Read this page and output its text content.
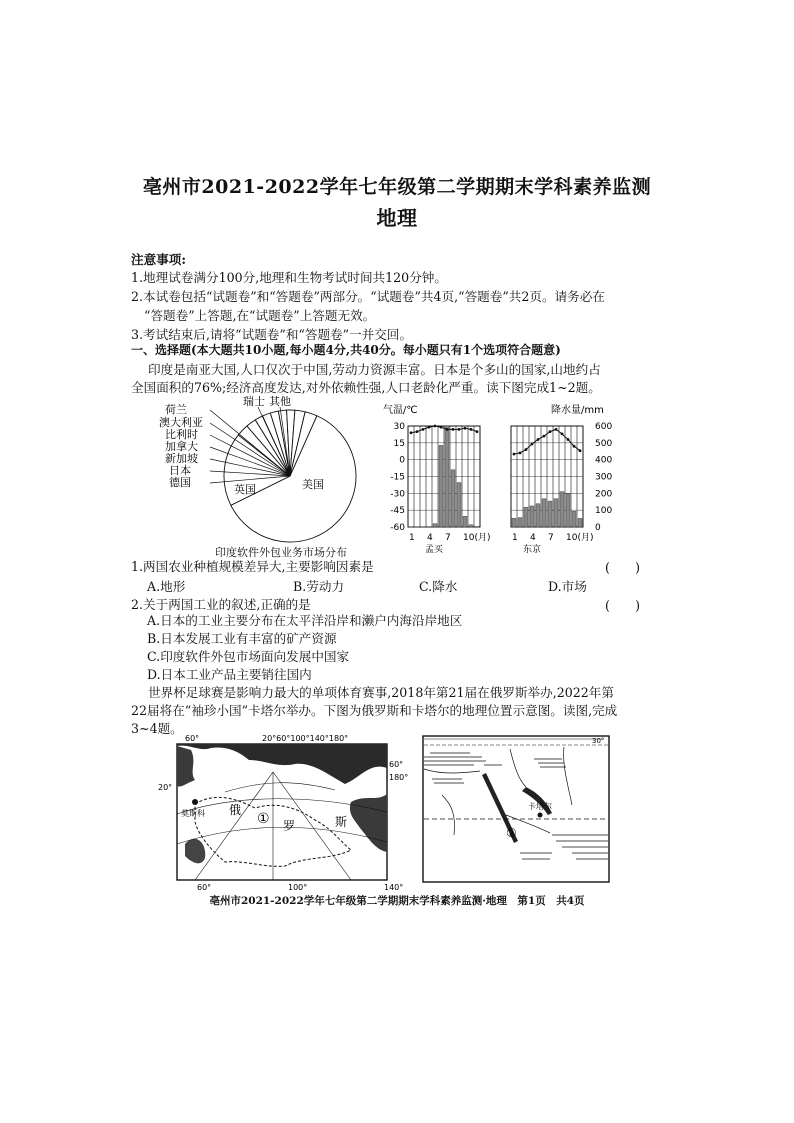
亳州市2021-2022学年七年级第二学期期末学科素养监测
地理
注意事项:
1.地理试卷满分100分,地理和生物考试时间共120分钟。
2.本试卷包括“试题卷”和“答题卷”两部分。“试题卷”共4页,“答题卷”共2页。请务必在
“答题卷”上答题,在“试题卷”上答题无效。
3.考试结束后,请将“试题卷”和“答题卷”一并交回。
一、选择题(本大题共10小题,每小题4分,共40分。每小题只有1个选项符合题意)
印度是南亚大国,人口仅次于中国,劳动力资源丰富。日本是个多山的国家,山地约占
全国面积的76%;经济高度发达,对外依赖性强,人口老龄化严重。读下图完成1~2题。
荷兰
澳大利亚
比利时
加拿大
新加坡
日本
德国
瑞士 其他
英国	美国
印度软件外包业务市场分布
气温/℃	降水量/mm
30
15
0
-15
-30
-45
-60
600
500
400
300
200
100
0
1 4 7 10(月) 1 4 7 10(月)
孟买	东京
1.两国农业种植规模差异大,主要影响因素是	(　　)
A.地形	B.劳动力	C.降水	D.市场
2.关于两国工业的叙述,正确的是	(　　)
A.日本的工业主要分布在太平洋沿岸和濑户内海沿岸地区
B.日本发展工业有丰富的矿产资源
C.印度软件外包市场面向发展中国家
D.日本工业产品主要销往国内
世界杯足球赛是影响力最大的单项体育赛事,2018年第21届在俄罗斯举办,2022年第
22届将在“袖珍小国”卡塔尔举办。下图为俄罗斯和卡塔尔的地理位置示意图。读图,完成
3~4题。
60°	20°60°100°140°180°
20°
60°
180°
莫斯科 俄
① 罗	斯
60°	100°	140°
30°
卡塔尔
②
亳州市2021-2022学年七年级第二学期期末学科素养监测·地理　第1页　共4页
